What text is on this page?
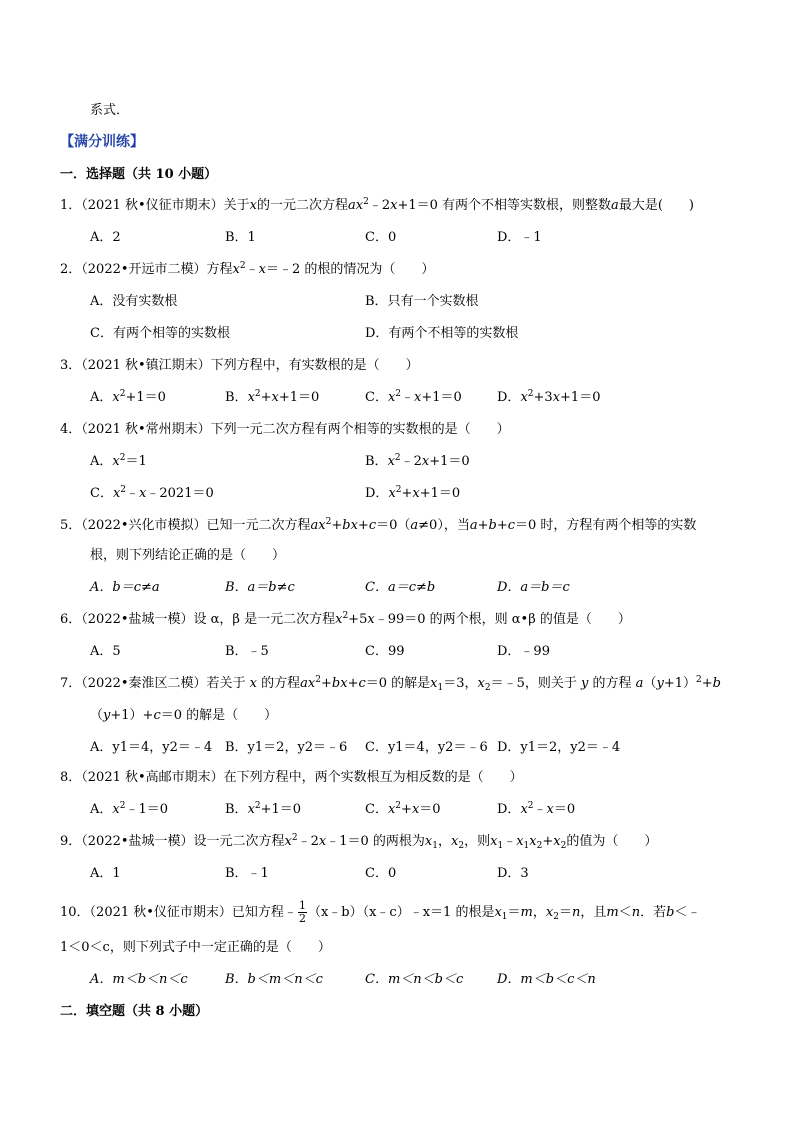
系式．
【满分训练】
一．选择题（共 10 小题）
1．（2021 秋•仪征市期末）关于x的一元二次方程$ax^2﹣2x+1=0$ 有两个不相等实数根，则整数a最大是(　　)
A．2	B．1	C．0	D．﹣1
2．（2022•开远市二模）方程$x^2﹣x=﹣2$ 的根的情况为（　　）
A．没有实数根	B．只有一个实数根
C．有两个相等的实数根	D．有两个不相等的实数根
3．（2021 秋•镇江期末）下列方程中，有实数根的是（　　）
A．$x^2+1=0$	B．$x^2+x+1=0$	C．$x^2﹣x+1=0$	D．$x^2+3x+1=0$
4．（2021 秋•常州期末）下列一元二次方程有两个相等的实数根的是（　　）
A．$x^2=1$	B．$x^2﹣2x+1=0$
C．$x^2﹣x﹣2021=0$	D．$x^2+x+1=0$
5．（2022•兴化市模拟）已知一元二次方程$ax^2+bx+c=0(a\ne 0)$，当a+b+c＝0 时，方程有两个相等的实数
根，则下列结论正确的是（　　）
A．b＝c≠a	B．a＝b≠c	C．a＝c≠b	D．a＝b＝c
6．（2022•盐城一模）设 α，β 是一元二次方程$x^2+5x﹣99=0$ 的两个根，则 α•β 的值是（　　）
A．5	B．﹣5	C．99	D．﹣99
7．（2022•秦淮区二模）若关于 x 的方程$ax^2+bx+c=0$ 的解是$x_1=3$，$x_2=﹣5$，则关于 y 的方程 $a(y+1)^2+b$
（y+1）+c＝0 的解是（　　）
A．y1＝4，y2＝﹣4 B．y1＝2，y2＝﹣6 C．y1＝4，y2＝﹣6 D．y1＝2，y2＝﹣4
8．（2021 秋•高邮市期末）在下列方程中，两个实数根互为相反数的是（　　）
A．$x^2﹣1=0$	B．$x^2+1=0$	C．$x^2+x=0$	D．$x^2﹣x=0$
9．（2022•盐城一模）设一元二次方程$x^2﹣2x﹣1=0$ 的两根为$x_1$，$x_2$，则$x_1﹣x_1x_2+x_2$的值为（　　）
A．1	B．﹣1	C．0	D．3
10．（2021 秋•仪征市期末）已知方程﹣ $\frac{1}{2}$ （x﹣b）（x﹣c）﹣x＝1 的根是$x_1=m$，$x_2=n$，且m＜n．若b＜﹣
1＜0＜c，则下列式子中一定正确的是（　　）
A．m＜b＜n＜c	B．b＜m＜n＜c	C．m＜n＜b＜c	D．m＜b＜c＜n
二．填空题（共 8 小题）
